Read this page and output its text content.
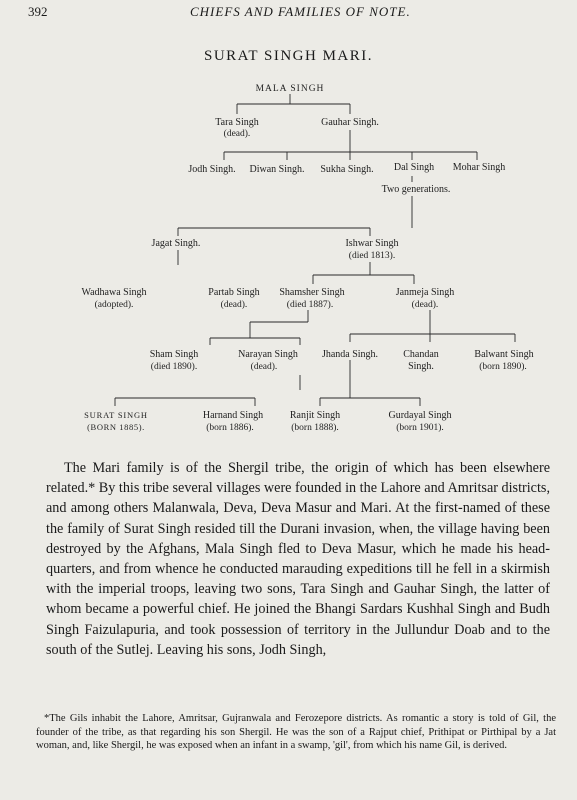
392	CHIEFS AND FAMILIES OF NOTE.
SURAT SINGH MARI.
MALA SINGH
Tara Singh
(dead).
Gauhar Singh.
Jodh Singh. Diwan Singh. Sukha Singh. Dal Singh Mohar Singh
Two generations.
Jagat Singh.	Ishwar Singh
(died 1813).
Wadhawa Singh
(adopted).
Partab Singh
(dead).
Shamsher Singh
(died 1887).
Janmeja Singh
(dead).
Sham Singh
(died 1890).
Narayan Singh
(dead).
Jhanda Singh.	Chandan
Singh.
Balwant Singh
(born 1890).
SURAT SINGH
(BORN 1885).
Harnand Singh
(born 1886).
Ranjit Singh
(born 1888).
Gurdayal Singh
(born 1901).

The Mari family is of the Shergil tribe, the origin of which has been elsewhere related.* By this tribe several villages were founded in the Lahore and Amritsar districts, and among others Malanwala, Deva, Deva Masur and Mari. At the first-named of these the family of Surat Singh resided till the Durani invasion, when, the village having been destroyed by the Afghans, Mala Singh fled to Deva Masur, which he made his head-quarters, and from whence he conducted marauding expeditions till he fell in a skirmish with the imperial troops, leaving two sons, Tara Singh and Gauhar Singh, the latter of whom became a powerful chief. He joined the Bhangi Sardars Kushhal Singh and Budh Singh Faizulapuria, and took possession of territory in the Jullundur Doab and to the south of the Sutlej. Leaving his sons, Jodh Singh,

*The Gils inhabit the Lahore, Amritsar, Gujranwala and Ferozepore districts. As romantic a story is told of Gil, the founder of the tribe, as that regarding his son Shergil. He was the son of a Rajput chief, Prithipat or Pirthipal by a Jat woman, and, like Shergil, he was exposed when an infant in a swamp, 'gil', from which his name Gil, is derived.
